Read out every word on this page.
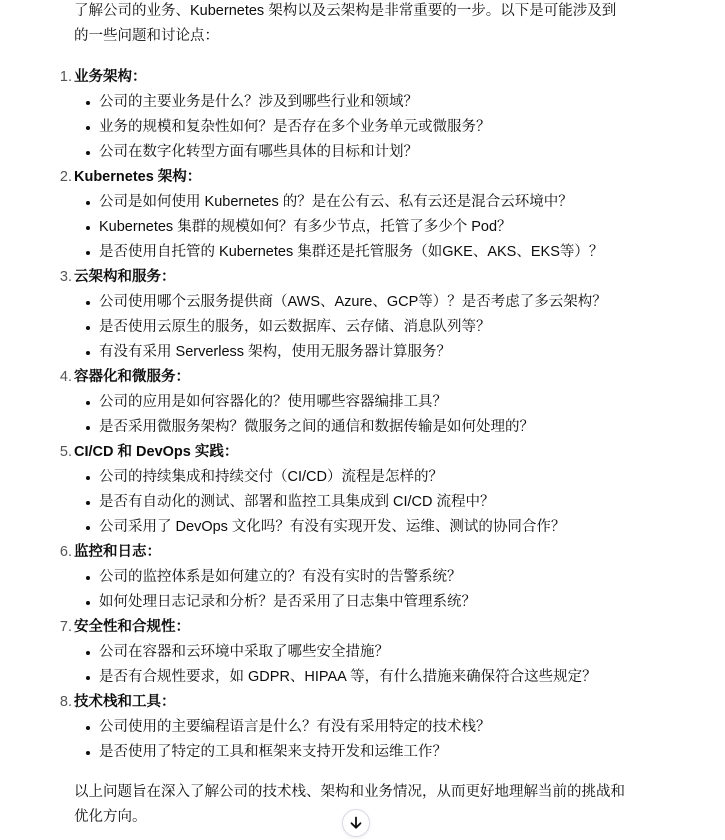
了解公司的业务、Kubernetes 架构以及云架构是非常重要的一步。以下是可能涉及到
的一些问题和讨论点：

1. 业务架构：
公司的主要业务是什么？涉及到哪些行业和领域？
业务的规模和复杂性如何？是否存在多个业务单元或微服务？
公司在数字化转型方面有哪些具体的目标和计划？
2. Kubernetes 架构：
公司是如何使用 Kubernetes 的？是在公有云、私有云还是混合云环境中？
Kubernetes 集群的规模如何？有多少节点，托管了多少个 Pod？
是否使用自托管的 Kubernetes 集群还是托管服务（如GKE、AKS、EKS等）？
3. 云架构和服务：
公司使用哪个云服务提供商（AWS、Azure、GCP等）？是否考虑了多云架构？
是否使用云原生的服务，如云数据库、云存储、消息队列等？
有没有采用 Serverless 架构，使用无服务器计算服务？
4. 容器化和微服务：
公司的应用是如何容器化的？使用哪些容器编排工具？
是否采用微服务架构？微服务之间的通信和数据传输是如何处理的？
5. CI/CD 和 DevOps 实践：
公司的持续集成和持续交付（CI/CD）流程是怎样的？
是否有自动化的测试、部署和监控工具集成到 CI/CD 流程中？
公司采用了 DevOps 文化吗？有没有实现开发、运维、测试的协同合作？
6. 监控和日志：
公司的监控体系是如何建立的？有没有实时的告警系统？
如何处理日志记录和分析？是否采用了日志集中管理系统？
7. 安全性和合规性：
公司在容器和云环境中采取了哪些安全措施？
是否有合规性要求，如 GDPR、HIPAA 等，有什么措施来确保符合这些规定？
8. 技术栈和工具：
公司使用的主要编程语言是什么？有没有采用特定的技术栈？
是否使用了特定的工具和框架来支持开发和运维工作？

以上问题旨在深入了解公司的技术栈、架构和业务情况，从而更好地理解当前的挑战和
优化方向。
